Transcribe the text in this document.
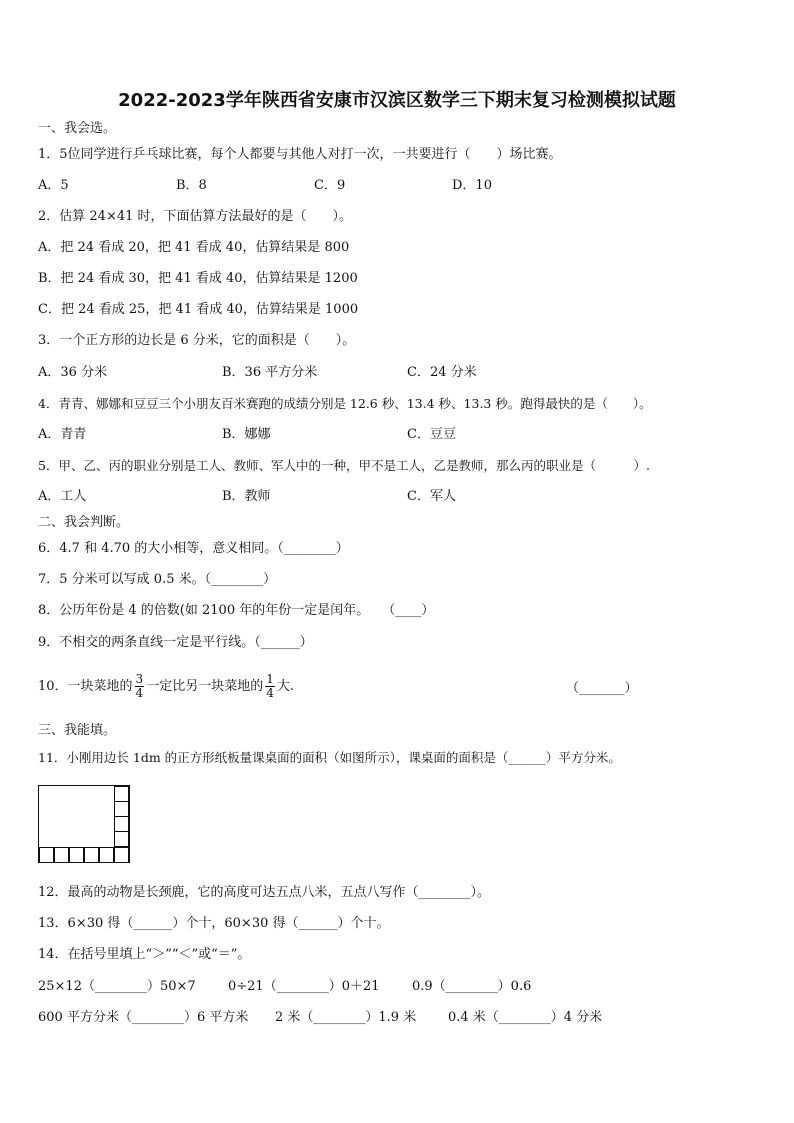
2022-2023学年陕西省安康市汉滨区数学三下期末复习检测模拟试题
一、我会选。
1．5位同学进行乒乓球比赛，每个人都要与其他人对打一次，一共要进行（　　）场比赛。
A．5	B．8	C．9	D．10
2．估算 24×41 时，下面估算方法最好的是（　　）。
A．把 24 看成 20，把 41 看成 40，估算结果是 800
B．把 24 看成 30，把 41 看成 40，估算结果是 1200
C．把 24 看成 25，把 41 看成 40，估算结果是 1000
3．一个正方形的边长是 6 分米，它的面积是（　　）。
A．36 分米	B．36 平方分米	C．24 分米
4．青青、娜娜和豆豆三个小朋友百米赛跑的成绩分别是 12.6 秒、13.4 秒、13.3 秒。跑得最快的是（　　）。
A．青青	B．娜娜	C．豆豆
5．甲、乙、丙的职业分别是工人、教师、军人中的一种，甲不是工人，乙是教师，那么丙的职业是（　　　）.
A．工人	B．教师	C．军人
二、我会判断。
6．4.7 和 4.70 的大小相等，意义相同。（________）
7．5 分米可以写成 0.5 米。（________）
8．公历年份是 4 的倍数(如 2100 年的年份一定是闰年。　　（____）
9．不相交的两条直线一定是平行线。（______）
10．一块菜地的 $\frac{3}{4}$ 一定比另一块菜地的 $\frac{1}{4}$ 大.	（_______）
三、我能填。
11．小刚用边长 1dm 的正方形纸板量课桌面的面积（如图所示），课桌面的面积是（______）平方分米。
12．最高的动物是长颈鹿，它的高度可达五点八米，五点八写作（________）。
13．6×30 得（______）个十，60×30 得（______）个十。
14．在括号里填上“＞”“＜”或“＝”。
25×12（________）50×7 0÷21（________）0＋21 0.9（________）0.6
600 平方分米（________）6 平方米 2 米（________）1.9 米 0.4 米（________）4 分米
